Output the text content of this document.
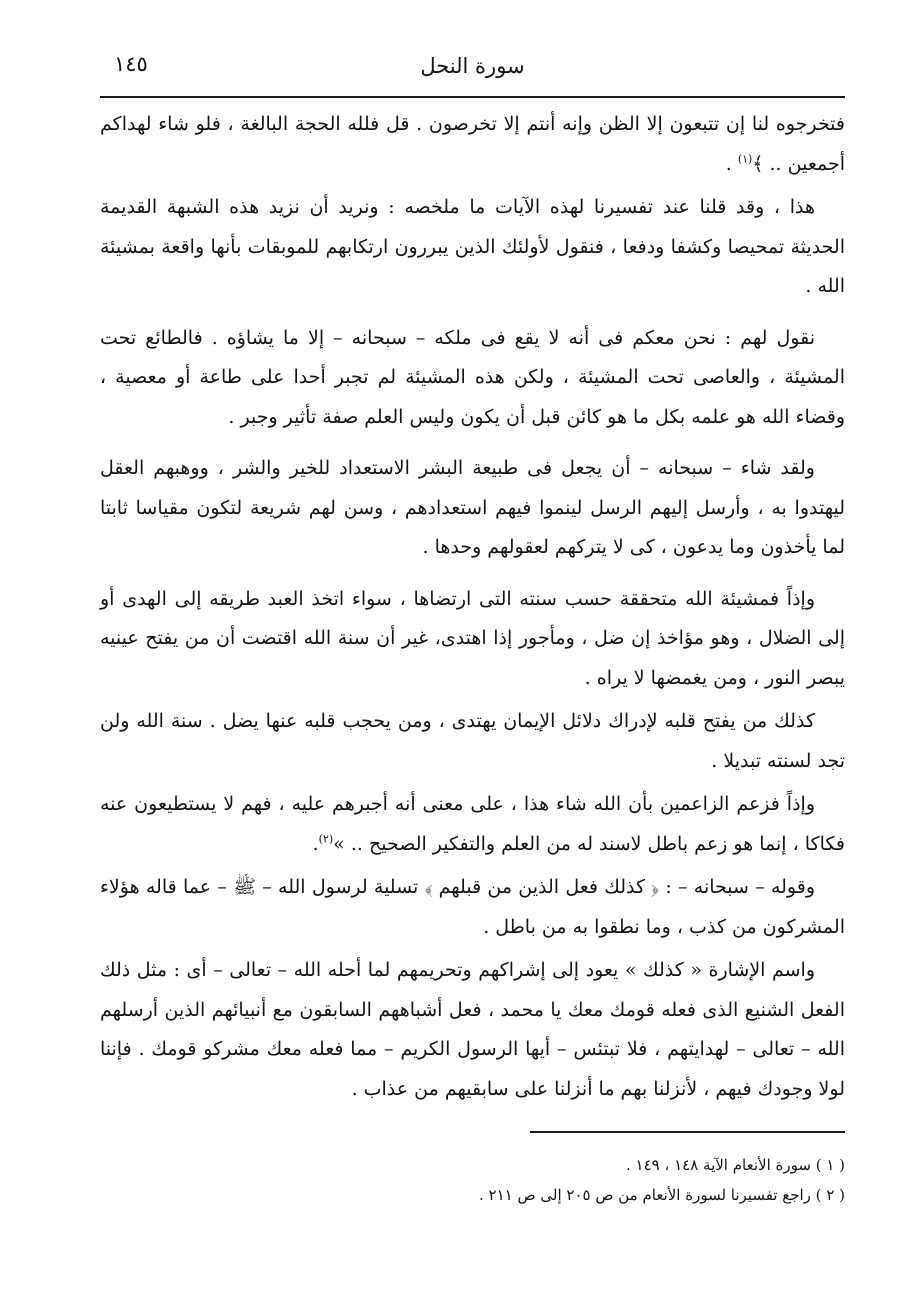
سورة النحل
١٤٥

فتخرجوه لنا إن تتبعون إلا الظن وإنه أنتم إلا تخرصون . قل فلله الحجة البالغة ، فلو شاء لهداكم أجمعين .. ﴾$^{(١)}$ .

هذا ، وقد قلنا عند تفسيرنا لهذه الآيات ما ملخصه : ونريد أن نزيد هذه الشبهة القديمة الحديثة تمحيصا وكشفا ودفعا ، فنقول لأولئك الذين يبررون ارتكابهم للموبقات بأنها واقعة بمشيئة الله .

نقول لهم : نحن معكم فى أنه لا يقع فى ملكه – سبحانه – إلا ما يشاؤه . فالطائع تحت المشيئة ، والعاصى تحت المشيئة ، ولكن هذه المشيئة لم تجبر أحدا على طاعة أو معصية ، وقضاء الله هو علمه بكل ما هو كائن قبل أن يكون وليس العلم صفة تأثير وجبر .

ولقد شاء – سبحانه – أن يجعل فى طبيعة البشر الاستعداد للخير والشر ، ووهبهم العقل ليهتدوا به ، وأرسل إليهم الرسل لينموا فيهم استعدادهم ، وسن لهم شريعة لتكون مقياسا ثابتا لما يأخذون وما يدعون ، كى لا يتركهم لعقولهم وحدها .

وإذاً فمشيئة الله متحققة حسب سنته التى ارتضاها ، سواء اتخذ العبد طريقه إلى الهدى أو إلى الضلال ، وهو مؤاخذ إن ضل ، ومأجور إذا اهتدى، غير أن سنة الله اقتضت أن من يفتح عينيه يبصر النور ، ومن يغمضها لا يراه .

كذلك من يفتح قلبه لإدراك دلائل الإيمان يهتدى ، ومن يحجب قلبه عنها يضل . سنة الله ولن تجد لسنته تبديلا .

وإذاً فزعم الزاعمين بأن الله شاء هذا ، على معنى أنه أجبرهم عليه ، فهم لا يستطيعون عنه فكاكا ، إنما هو زعم باطل لاسند له من العلم والتفكير الصحيح .. »$^{(٢)}$.

وقوله – سبحانه – : ﴿ كذلك فعل الذين من قبلهم ﴾ تسلية لرسول الله – ﷺ – عما قاله هؤلاء المشركون من كذب ، وما نطقوا به من باطل .

واسم الإشارة « كذلك » يعود إلى إشراكهم وتحريمهم لما أحله الله – تعالى – أى : مثل ذلك الفعل الشنيع الذى فعله قومك معك يا محمد ، فعل أشباههم السابقون مع أنبيائهم الذين أرسلهم الله – تعالى – لهدايتهم ، فلا تبتئس – أيها الرسول الكريم – مما فعله معك مشركو قومك . فإننا لولا وجودك فيهم ، لأنزلنا بهم ما أنزلنا على سابقيهم من عذاب .

( ١ ) سورة الأنعام الآية ١٤٨ ، ١٤٩ .
( ٢ ) راجع تفسيرنا لسورة الأنعام من ص ٢٠٥ إلى ص ٢١١ .
